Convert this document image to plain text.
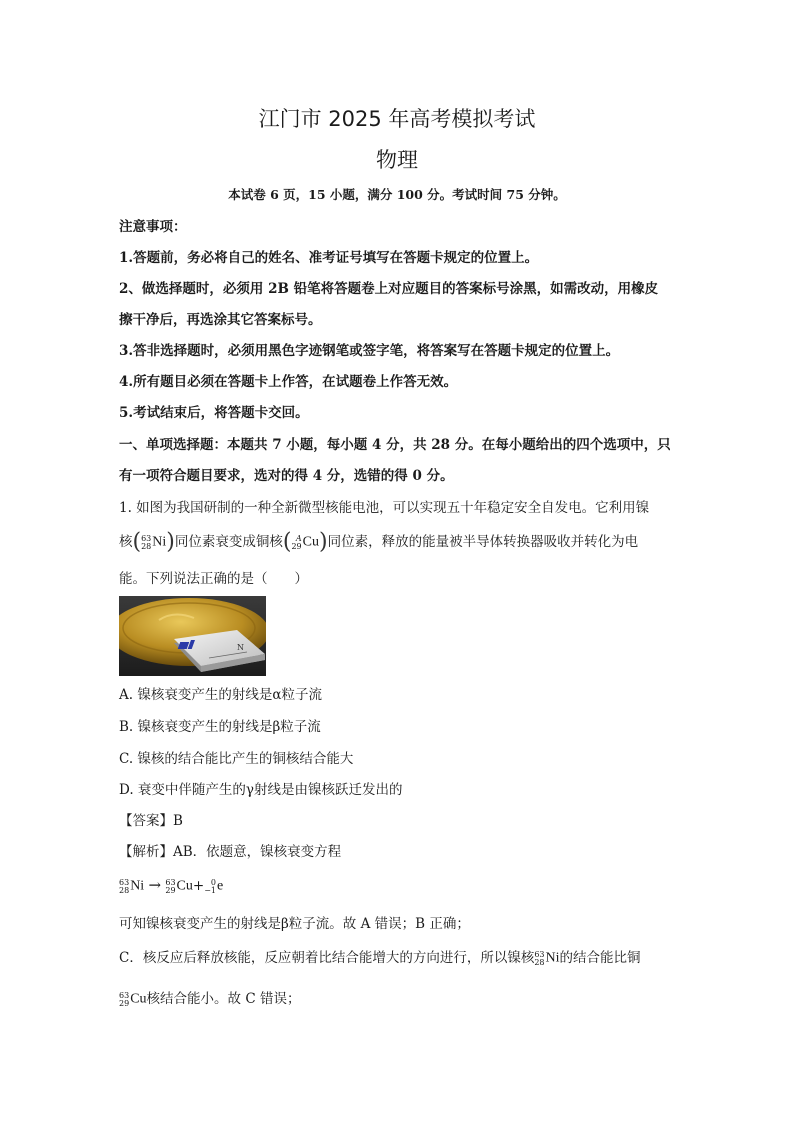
江门市 2025 年高考模拟考试
物理
本试卷 6 页，15 小题，满分 100 分。考试时间 75 分钟。
注意事项：
1.答题前，务必将自己的姓名、准考证号填写在答题卡规定的位置上。
2、做选择题时，必须用 2B 铅笔将答题卷上对应题目的答案标号涂黑，如需改动，用橡皮
擦干净后，再选涂其它答案标号。
3.答非选择题时，必须用黑色字迹钢笔或签字笔，将答案写在答题卡规定的位置上。
4.所有题目必须在答题卡上作答，在试题卷上作答无效。
5.考试结束后，将答题卡交回。
一、单项选择题：本题共 7 小题，每小题 4 分，共 28 分。在每小题给出的四个选项中，只
有一项符合题目要求，选对的得 4 分，选错的得 0 分。
1. 如图为我国研制的一种全新微型核能电池，可以实现五十年稳定安全自发电。它利用镍
核( 63
28 Ni)同位素衰变成铜核( A
29 Cu)同位素，释放的能量被半导体转换器吸收并转化为电
能。下列说法正确的是（　　）
N
A. 镍核衰变产生的射线是α粒子流
B. 镍核衰变产生的射线是β粒子流
C. 镍核的结合能比产生的铜核结合能大
D. 衰变中伴随产生的γ射线是由镍核跃迁发出的
【答案】B
【解析】AB．依题意，镍核衰变方程
63
28 Ni → 63
29 Cu+ 0
−1 e
可知镍核衰变产生的射线是β粒子流。故 A 错误；B 正确；
C．核反应后释放核能，反应朝着比结合能增大的方向进行，所以镍核 63
28 Ni的结合能比铜
63
29 Cu核结合能小。故 C 错误；
